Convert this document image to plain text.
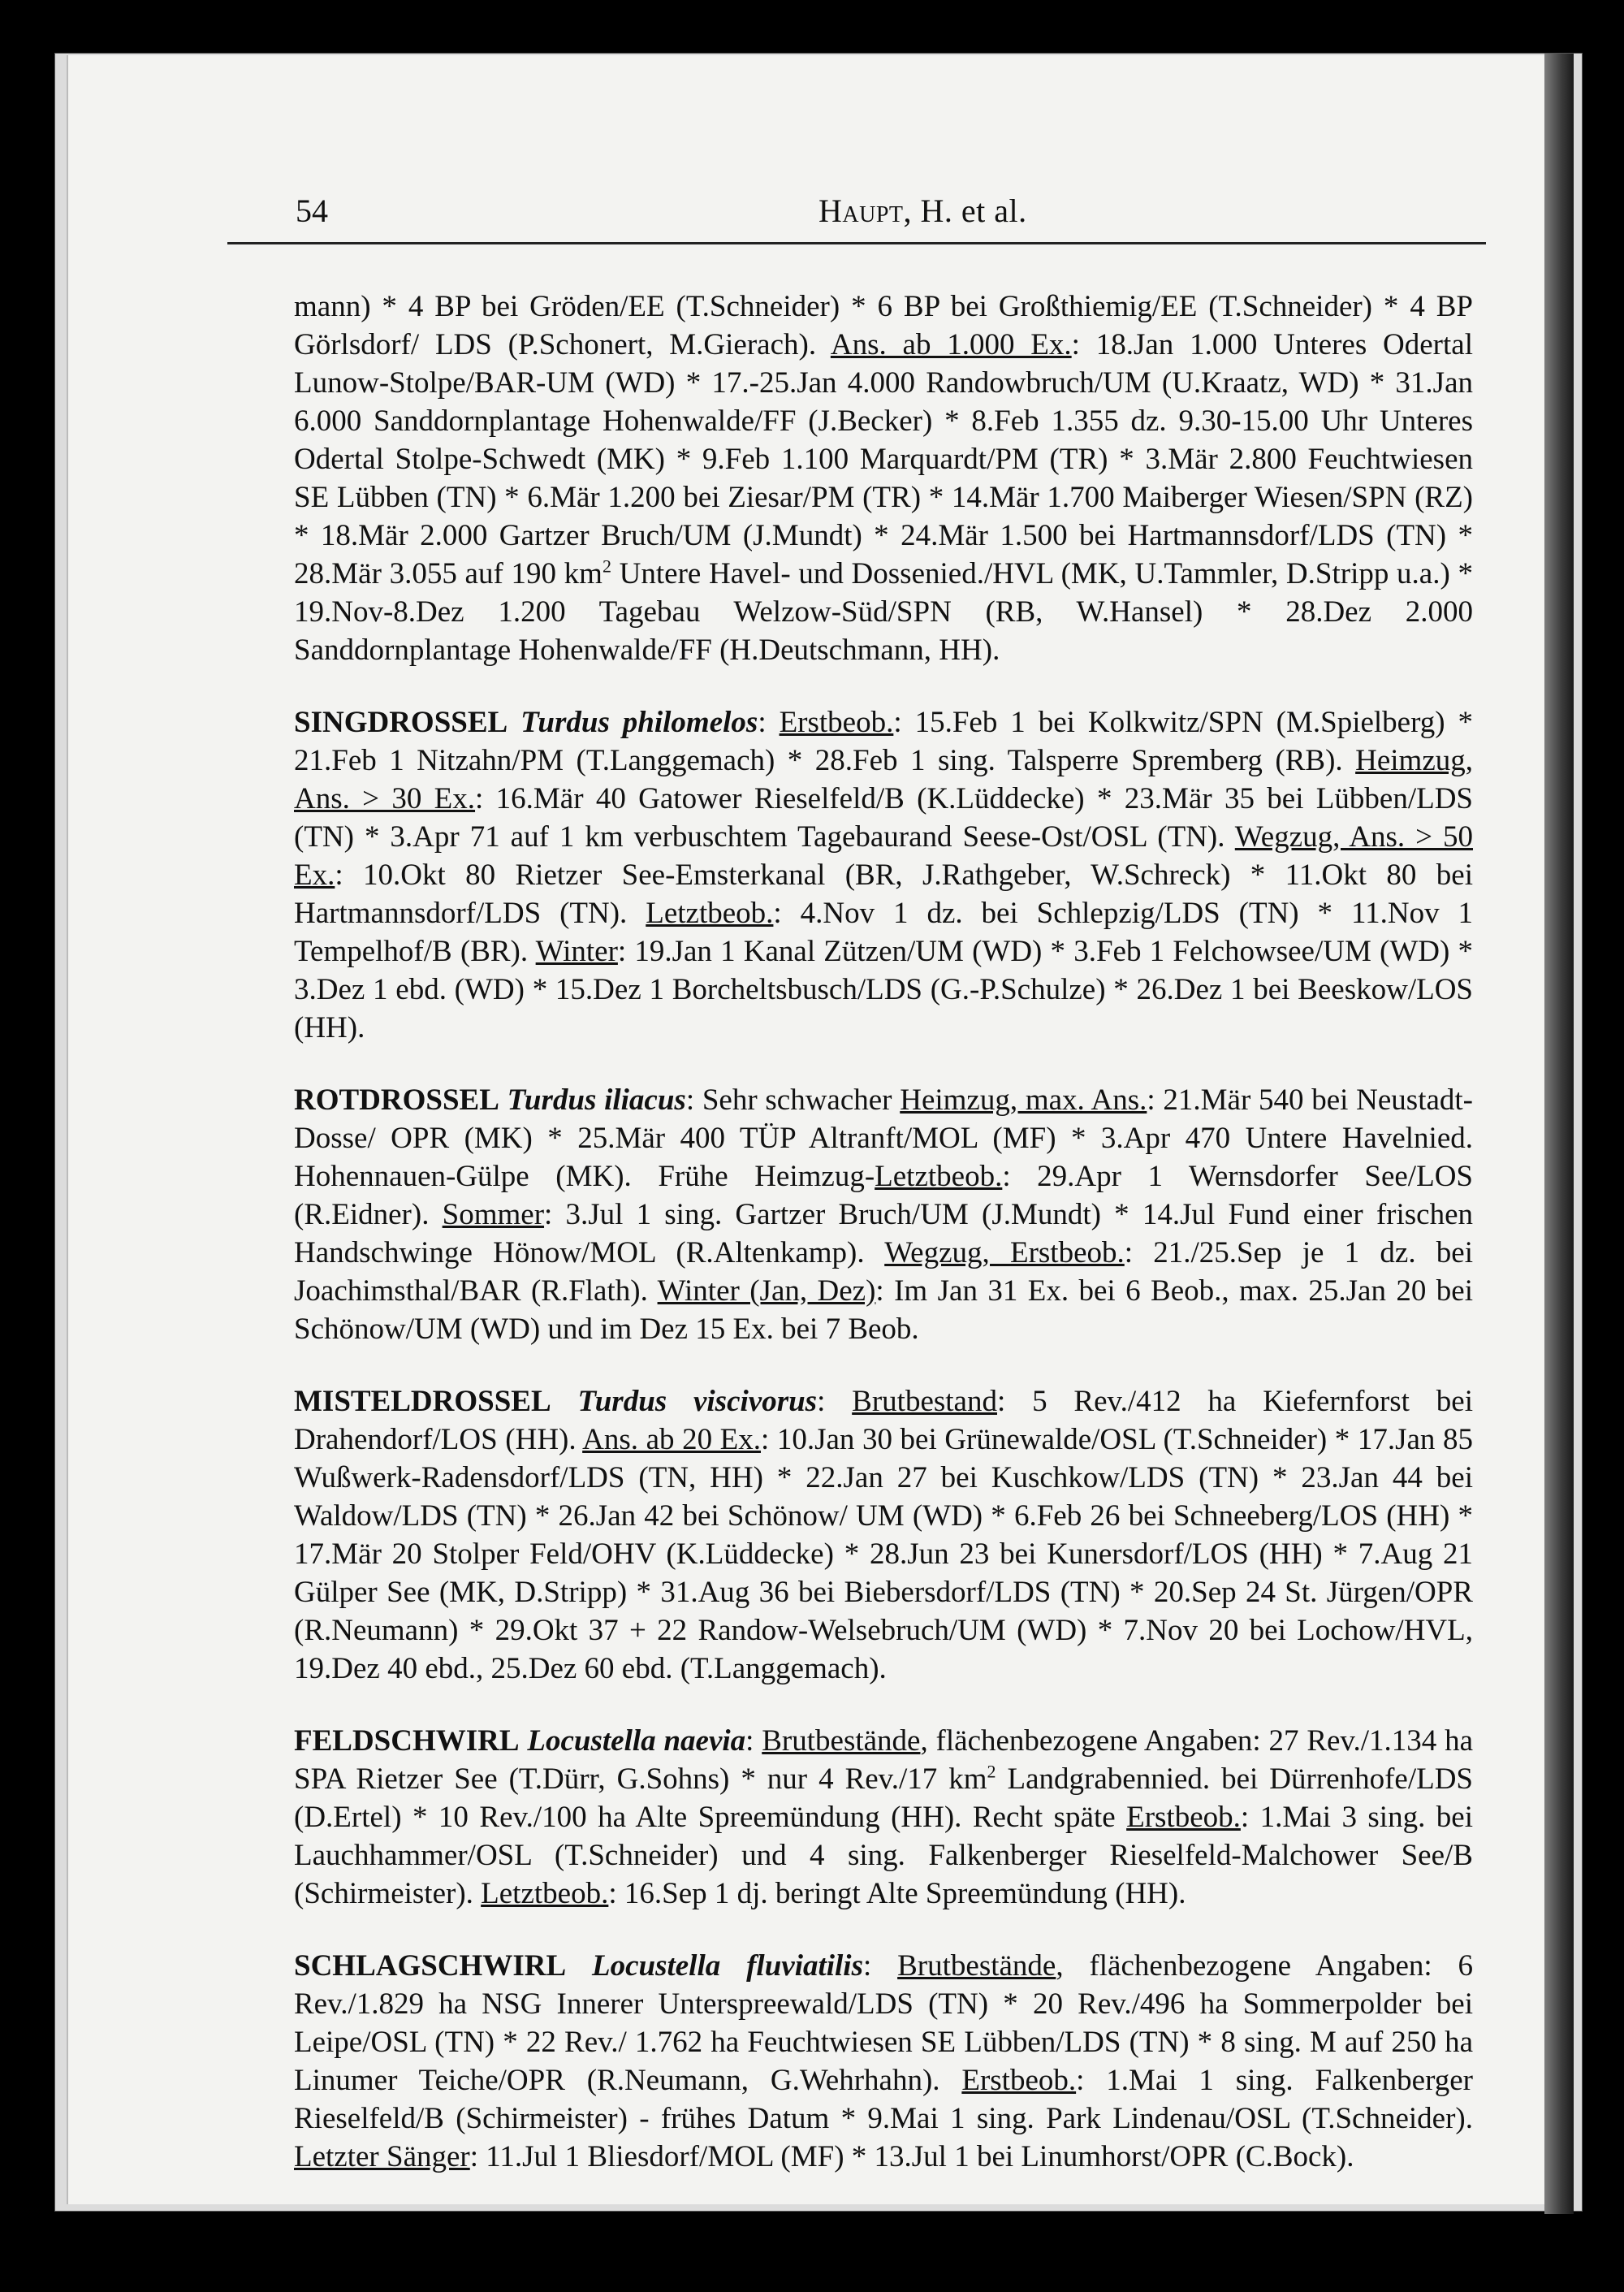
54	Haupt, H. et al.

mann) * 4 BP bei Gröden/EE (T.Schneider) * 6 BP bei Großthiemig/EE (T.Schneider) * 4 BP Görlsdorf/ LDS (P.Schonert, M.Gierach). Ans. ab 1.000 Ex.: 18.Jan 1.000 Unteres Odertal Lunow-Stolpe/BAR-UM (WD) * 17.-25.Jan 4.000 Randowbruch/UM (U.Kraatz, WD) * 31.Jan 6.000 Sanddornplantage Hohenwalde/FF (J.Becker) * 8.Feb 1.355 dz. 9.30-15.00 Uhr Unteres Odertal Stolpe-Schwedt (MK) * 9.Feb 1.100 Marquardt/PM (TR) * 3.Mär 2.800 Feuchtwiesen SE Lübben (TN) * 6.Mär 1.200 bei Ziesar/PM (TR) * 14.Mär 1.700 Maiberger Wiesen/SPN (RZ) * 18.Mär 2.000 Gartzer Bruch/UM (J.Mundt) * 24.Mär 1.500 bei Hartmannsdorf/LDS (TN) * 28.Mär 3.055 auf 190 $km^2$ Untere Havel- und Dossenied./HVL (MK, U.Tammler, D.Stripp u.a.) * 19.Nov-8.Dez 1.200 Tagebau Welzow-Süd/SPN (RB, W.Hansel) * 28.Dez 2.000 Sanddornplantage Hohenwalde/FF (H.Deutschmann, HH).

SINGDROSSEL Turdus philomelos: Erstbeob.: 15.Feb 1 bei Kolkwitz/SPN (M.Spielberg) * 21.Feb 1 Nitzahn/PM (T.Langgemach) * 28.Feb 1 sing. Talsperre Spremberg (RB). Heimzug, Ans. > 30 Ex.: 16.Mär 40 Gatower Rieselfeld/B (K.Lüddecke) * 23.Mär 35 bei Lübben/LDS (TN) * 3.Apr 71 auf 1 km verbuschtem Tagebaurand Seese-Ost/OSL (TN). Wegzug, Ans. > 50 Ex.: 10.Okt 80 Rietzer See-Emsterkanal (BR, J.Rathgeber, W.Schreck) * 11.Okt 80 bei Hartmannsdorf/LDS (TN). Letztbeob.: 4.Nov 1 dz. bei Schlepzig/LDS (TN) * 11.Nov 1 Tempelhof/B (BR). Winter: 19.Jan 1 Kanal Zützen/UM (WD) * 3.Feb 1 Felchowsee/UM (WD) * 3.Dez 1 ebd. (WD) * 15.Dez 1 Borcheltsbusch/LDS (G.-P.Schulze) * 26.Dez 1 bei Beeskow/LOS (HH).

ROTDROSSEL Turdus iliacus: Sehr schwacher Heimzug, max. Ans.: 21.Mär 540 bei Neustadt-Dosse/ OPR (MK) * 25.Mär 400 TÜP Altranft/MOL (MF) * 3.Apr 470 Untere Havelnied. Hohennauen-Gülpe (MK). Frühe Heimzug-Letztbeob.: 29.Apr 1 Wernsdorfer See/LOS (R.Eidner). Sommer: 3.Jul 1 sing. Gartzer Bruch/UM (J.Mundt) * 14.Jul Fund einer frischen Handschwinge Hönow/MOL (R.Altenkamp). Wegzug, Erstbeob.: 21./25.Sep je 1 dz. bei Joachimsthal/BAR (R.Flath). Winter (Jan, Dez): Im Jan 31 Ex. bei 6 Beob., max. 25.Jan 20 bei Schönow/UM (WD) und im Dez 15 Ex. bei 7 Beob.

MISTELDROSSEL Turdus viscivorus: Brutbestand: 5 Rev./412 ha Kiefernforst bei Drahendorf/LOS (HH). Ans. ab 20 Ex.: 10.Jan 30 bei Grünewalde/OSL (T.Schneider) * 17.Jan 85 Wußwerk-Radensdorf/LDS (TN, HH) * 22.Jan 27 bei Kuschkow/LDS (TN) * 23.Jan 44 bei Waldow/LDS (TN) * 26.Jan 42 bei Schönow/ UM (WD) * 6.Feb 26 bei Schneeberg/LOS (HH) * 17.Mär 20 Stolper Feld/OHV (K.Lüddecke) * 28.Jun 23 bei Kunersdorf/LOS (HH) * 7.Aug 21 Gülper See (MK, D.Stripp) * 31.Aug 36 bei Biebersdorf/LDS (TN) * 20.Sep 24 St. Jürgen/OPR (R.Neumann) * 29.Okt 37 + 22 Randow-Welsebruch/UM (WD) * 7.Nov 20 bei Lochow/HVL, 19.Dez 40 ebd., 25.Dez 60 ebd. (T.Langgemach).

FELDSCHWIRL Locustella naevia: Brutbestände, flächenbezogene Angaben: 27 Rev./1.134 ha SPA Rietzer See (T.Dürr, G.Sohns) * nur 4 Rev./17 $km^2$ Landgrabennied. bei Dürrenhofe/LDS (D.Ertel) * 10 Rev./100 ha Alte Spreemündung (HH). Recht späte Erstbeob.: 1.Mai 3 sing. bei Lauchhammer/OSL (T.Schneider) und 4 sing. Falkenberger Rieselfeld-Malchower See/B (Schirmeister). Letztbeob.: 16.Sep 1 dj. beringt Alte Spreemündung (HH).

SCHLAGSCHWIRL Locustella fluviatilis: Brutbestände, flächenbezogene Angaben: 6 Rev./1.829 ha NSG Innerer Unterspreewald/LDS (TN) * 20 Rev./496 ha Sommerpolder bei Leipe/OSL (TN) * 22 Rev./ 1.762 ha Feuchtwiesen SE Lübben/LDS (TN) * 8 sing. M auf 250 ha Linumer Teiche/OPR (R.Neumann, G.Wehrhahn). Erstbeob.: 1.Mai 1 sing. Falkenberger Rieselfeld/B (Schirmeister) - frühes Datum * 9.Mai 1 sing. Park Lindenau/OSL (T.Schneider). Letzter Sänger: 11.Jul 1 Bliesdorf/MOL (MF) * 13.Jul 1 bei Linumhorst/OPR (C.Bock).
